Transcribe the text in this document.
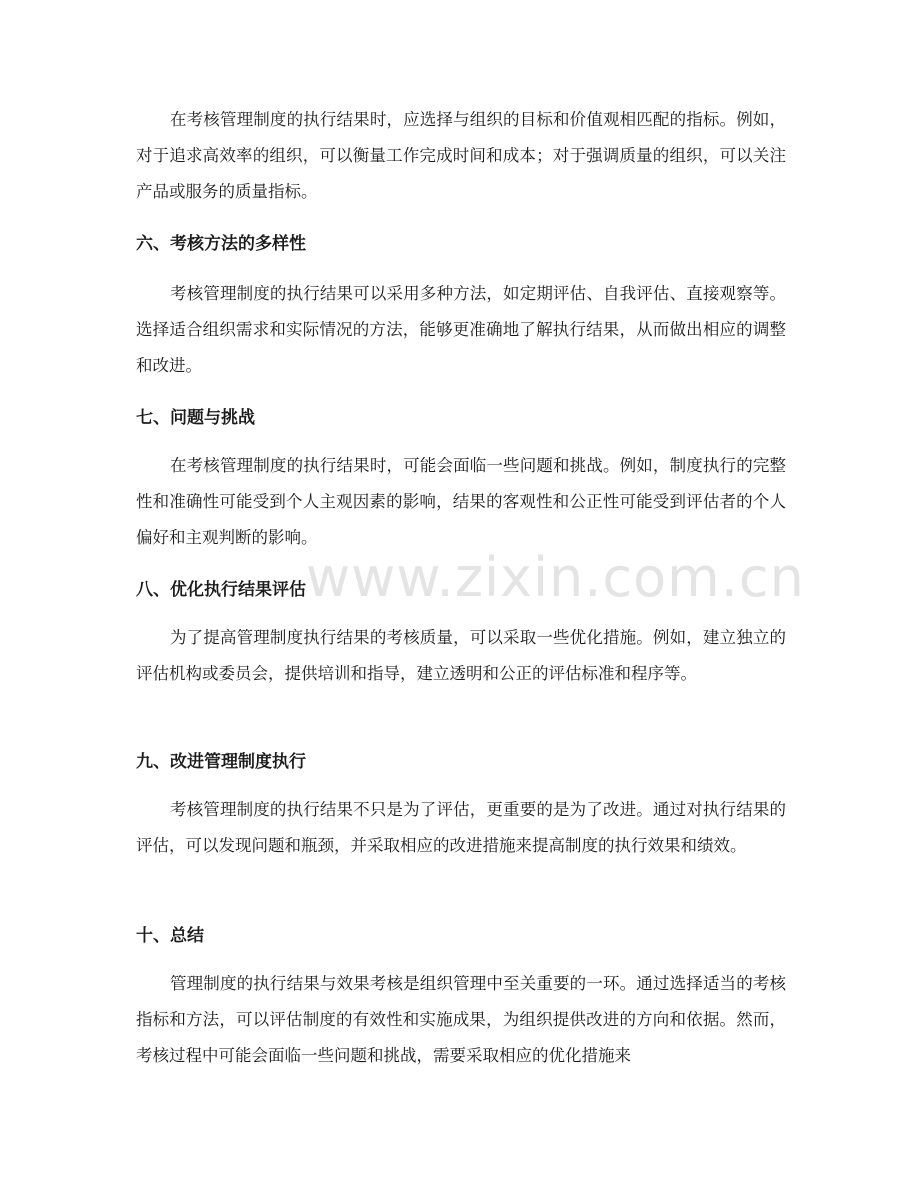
在考核管理制度的执行结果时，应选择与组织的目标和价值观相匹配的指标。例如，对于追求高效率的组织，可以衡量工作完成时间和成本；对于强调质量的组织，可以关注产品或服务的质量指标。

六、考核方法的多样性

考核管理制度的执行结果可以采用多种方法，如定期评估、自我评估、直接观察等。选择适合组织需求和实际情况的方法，能够更准确地了解执行结果，从而做出相应的调整和改进。

七、问题与挑战

在考核管理制度的执行结果时，可能会面临一些问题和挑战。例如，制度执行的完整性和准确性可能受到个人主观因素的影响，结果的客观性和公正性可能受到评估者的个人偏好和主观判断的影响。

八、优化执行结果评估

为了提高管理制度执行结果的考核质量，可以采取一些优化措施。例如，建立独立的评估机构或委员会，提供培训和指导，建立透明和公正的评估标准和程序等。

九、改进管理制度执行

考核管理制度的执行结果不只是为了评估，更重要的是为了改进。通过对执行结果的评估，可以发现问题和瓶颈，并采取相应的改进措施来提高制度的执行效果和绩效。

十、总结

管理制度的执行结果与效果考核是组织管理中至关重要的一环。通过选择适当的考核指标和方法，可以评估制度的有效性和实施成果，为组织提供改进的方向和依据。然而，考核过程中可能会面临一些问题和挑战，需要采取相应的优化措施来

www.zixin.com.cn
